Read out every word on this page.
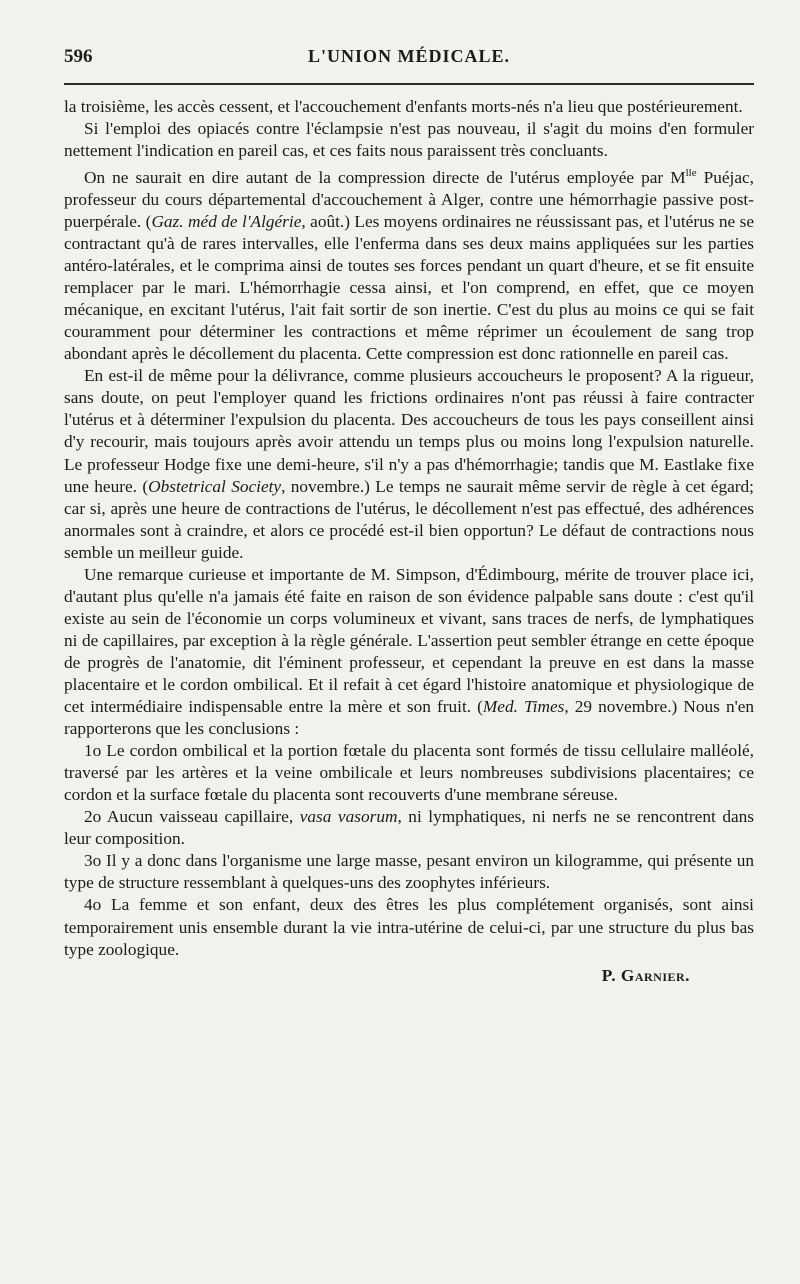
596	L'UNION MÉDICALE.

la troisième, les accès cessent, et l'accouchement d'enfants morts-nés n'a lieu que postérieurement.

Si l'emploi des opiacés contre l'éclampsie n'est pas nouveau, il s'agit du moins d'en formuler nettement l'indication en pareil cas, et ces faits nous paraissent très concluants.

On ne saurait en dire autant de la compression directe de l'utérus employée par $M^{lle}$ Puéjac, professeur du cours départemental d'accouchement à Alger, contre une hémorrhagie passive post-puerpérale. (Gaz. méd de l'Algérie, août.) Les moyens ordinaires ne réussissant pas, et l'utérus ne se contractant qu'à de rares intervalles, elle l'enferma dans ses deux mains appliquées sur les parties antéro-latérales, et le comprima ainsi de toutes ses forces pendant un quart d'heure, et se fit ensuite remplacer par le mari. L'hémorrhagie cessa ainsi, et l'on comprend, en effet, que ce moyen mécanique, en excitant l'utérus, l'ait fait sortir de son inertie. C'est du plus au moins ce qui se fait couramment pour déterminer les contractions et même réprimer un écoulement de sang trop abondant après le décollement du placenta. Cette compression est donc rationnelle en pareil cas.

En est-il de même pour la délivrance, comme plusieurs accoucheurs le proposent? A la rigueur, sans doute, on peut l'employer quand les frictions ordinaires n'ont pas réussi à faire contracter l'utérus et à déterminer l'expulsion du placenta. Des accoucheurs de tous les pays conseillent ainsi d'y recourir, mais toujours après avoir attendu un temps plus ou moins long l'expulsion naturelle. Le professeur Hodge fixe une demi-heure, s'il n'y a pas d'hémorrhagie; tandis que M. Eastlake fixe une heure. (Obstetrical Society, novembre.) Le temps ne saurait même servir de règle à cet égard; car si, après une heure de contractions de l'utérus, le décollement n'est pas effectué, des adhérences anormales sont à craindre, et alors ce procédé est-il bien opportun? Le défaut de contractions nous semble un meilleur guide.

Une remarque curieuse et importante de M. Simpson, d'Édimbourg, mérite de trouver place ici, d'autant plus qu'elle n'a jamais été faite en raison de son évidence palpable sans doute : c'est qu'il existe au sein de l'économie un corps volumineux et vivant, sans traces de nerfs, de lymphatiques ni de capillaires, par exception à la règle générale. L'assertion peut sembler étrange en cette époque de progrès de l'anatomie, dit l'éminent professeur, et cependant la preuve en est dans la masse placentaire et le cordon ombilical. Et il refait à cet égard l'histoire anatomique et physiologique de cet intermédiaire indispensable entre la mère et son fruit. (Med. Times, 29 novembre.) Nous n'en rapporterons que les conclusions :

1o Le cordon ombilical et la portion fœtale du placenta sont formés de tissu cellulaire malléolé, traversé par les artères et la veine ombilicale et leurs nombreuses subdivisions placentaires; ce cordon et la surface fœtale du placenta sont recouverts d'une membrane séreuse.

2o Aucun vaisseau capillaire, vasa vasorum, ni lymphatiques, ni nerfs ne se rencontrent dans leur composition.

3o Il y a donc dans l'organisme une large masse, pesant environ un kilogramme, qui présente un type de structure ressemblant à quelques-uns des zoophytes inférieurs.

4o La femme et son enfant, deux des êtres les plus complétement organisés, sont ainsi temporairement unis ensemble durant la vie intra-utérine de celui-ci, par une structure du plus bas type zoologique.

P. Garnier.
